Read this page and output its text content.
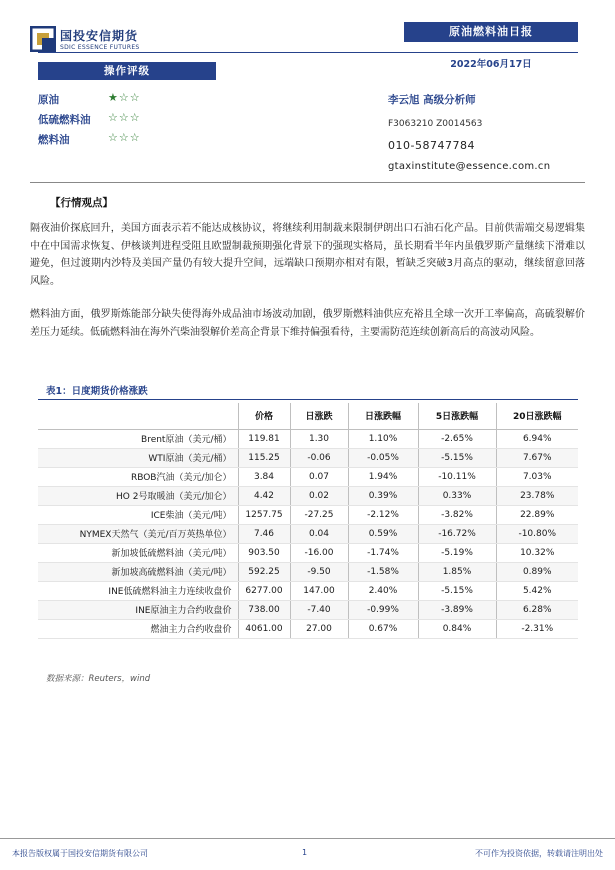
国投安信期货
SDIC ESSENCE FUTURES
原油燃料油日报
2022年06月17日
操作评级
原油	★☆☆
低硫燃料油 ☆☆☆
燃料油	☆☆☆
李云旭 高级分析师
F3063210 Z0014563
010-58747784
gtaxinstitute@essence.com.cn
【行情观点】
隔夜油价探底回升，美国方面表示若不能达成核协议，将继续利用制裁来限制伊朗出口石油石化产品。目前供需端交易逻辑集中在中国需求恢复、伊核谈判进程受阻且欧盟制裁预期强化背景下的强现实格局，虽长期看半年内虽俄罗斯产量继续下滑难以避免，但过渡期内沙特及美国产量仍有较大提升空间，远端缺口预期亦相对有限，暂缺乏突破3月高点的驱动，继续留意回落风险。
燃料油方面，俄罗斯炼能部分缺失使得海外成品油市场波动加剧，俄罗斯燃料油供应充裕且全球一次开工率偏高，高硫裂解价差压力延续。低硫燃料油在海外汽柴油裂解价差高企背景下维持偏强看待，主要需防范连续创新高后的高波动风险。
表1：日度期货价格涨跌
	价格	日涨跌	日涨跌幅	5日涨跌幅	20日涨跌幅
Brent原油（美元/桶）	119.81	1.30	1.10%	-2.65%	6.94%
WTI原油（美元/桶）	115.25	-0.06	-0.05%	-5.15%	7.67%
RBOB汽油（美元/加仑）	3.84	0.07	1.94%	-10.11%	7.03%
HO 2号取暖油（美元/加仑）	4.42	0.02	0.39%	0.33%	23.78%
ICE柴油（美元/吨）	1257.75	-27.25	-2.12%	-3.82%	22.89%
NYMEX天然气（美元/百万英热单位）	7.46	0.04	0.59%	-16.72%	-10.80%
新加坡低硫燃料油（美元/吨）	903.50	-16.00	-1.74%	-5.19%	10.32%
新加坡高硫燃料油（美元/吨）	592.25	-9.50	-1.58%	1.85%	0.89%
INE低硫燃料油主力连续收盘价	6277.00	147.00	2.40%	-5.15%	5.42%
INE原油主力合约收盘价	738.00	-7.40	-0.99%	-3.89%	6.28%
燃油主力合约收盘价	4061.00	27.00	0.67%	0.84%	-2.31%
数据来源：Reuters，wind
本报告版权属于国投安信期货有限公司	1	不可作为投资依据，转载请注明出处
